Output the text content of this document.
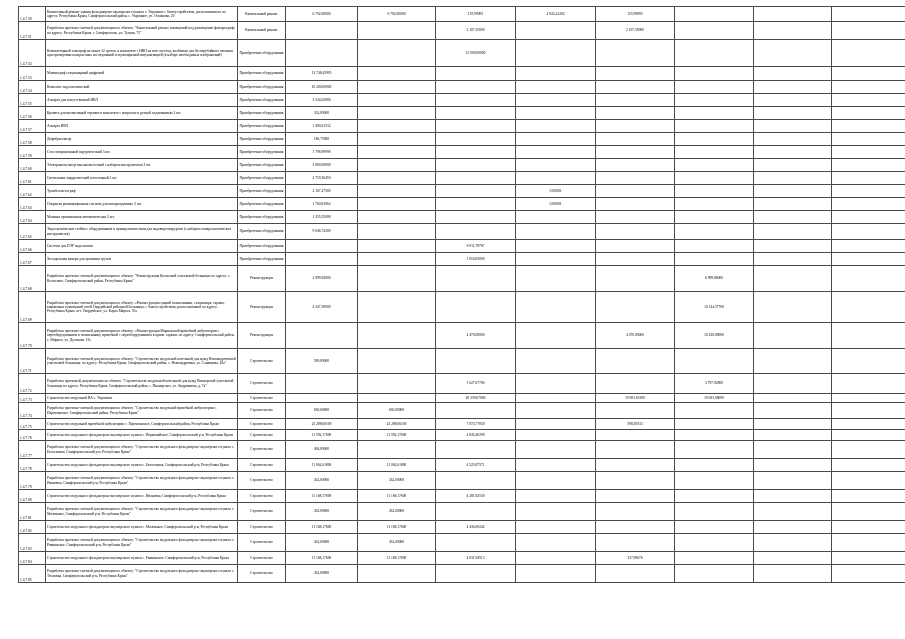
1.4.7.50	Капитальный ремонт здания фельдшерско-акушерского пункта с. Укромное с благоустройством, расположенного по адресу: Республика Крым, Симферопольский район, с. Укромное, ул. Османова, 20	Капитальный ремонт	6 792,00000	6 792,00000	155,99095	2 924,22202	155,99095			
1.4.7.51	Разработка проектно-сметной документации по объекту: "Капитальный ремонт помещений под размещение флюорографа по адресу: Республика Крым, г. Симферополь, ул. Тухова, 73"	Капитальный ремонт			2 107,35000		2 107,35000			
1.4.7.52	Компьютерный томограф не менее 32 срезов, в комплекте с НВП на всю систему, колбеным для бесперебойного питания при проведении контрастных исследований и мультифазной визуализацией (в наборе необходимых изображений)	Приобретение оборудования			31 000,00000					
1.4.7.53	Маммограф стационарный цифровой	Приобретение оборудования	13 748,45995							
1.4.7.54	Комплекс эндоскопический	Приобретение оборудования	10 200,00000							
1.4.7.55	Аппарат для искусственной ИВЛ	Приобретение оборудования	3 524,62800							
1.4.7.56	Кровать для интенсивной терапии в комплекте с матрасом и ручной подъемником 2 шт.	Приобретение оборудования	332,00000							
1.4.7.57	Аппарат ИВЛ	Приобретение оборудования	1 490,61532							
1.4.7.58	Дефибриллятор	Приобретение оборудования	186,75000							
1.4.7.59	Стол операционный хирургический 3 шт.	Приобретение оборудования	1 796,99999							
1.4.7.60	Электрокоагулятор высокочастотный с набором инструментов 3 шт.	Приобретение оборудования	3 000,00000							
1.4.7.61	Светильник хирургический потолочный 3 шт.	Приобретение оборудования	2 719,30450							
1.4.7.62	Тромбоэластограф	Приобретение оборудования	2 167,27500			0,00003				
1.4.7.63	Открытая реанимационная система для новорожденных 3 шт.	Приобретение оборудования	1 760,81064			0,00003				
1.4.7.64	Машина промывочная автоматическая 2 шт.	Приобретение оборудования	1 255,55000							
1.4.7.65	Эндоскопические стойки с оборудованием и принадлежностями для эндовидеохирургии (с набором лапароскопических инструментов)	Приобретение оборудования	9 046,74300							
1.4.7.66	Система для ПЭР эндоскопии	Приобретение оборудования			6 911,78767					
1.4.7.67	Холодильная камера для хранения трупов	Приобретение оборудования			1 016,05000					
1.4.7.68	Разработка проектно-сметной документации по объекту: "Реконструкция Колхозной участковой больницы по адресу: с. Колхозное, Симферопольский район, Республика Крым"	Реконструкция	2 999,94000					6 999,86000		
1.4.7.69	Разработка проектно-сметной документации по объекту: «Реконструкция зданий поликлиники, стационара, гаража, кирпичных помещений сетей Гвардейской районной больницы, с благоустройством, расположенной по адресу: Республика Крым, пгт. Гвардейское, ул. Карла Маркса, 53»	Реконструкция	4 347,39000					10 144,37700		
1.4.7.70	Разработка проектно-сметной документации по объекту: «Реконструкция Мирновской врачебной амбулатории с переоборудованием в поликлинику, врачебной с переоборудованием в архив, гаражи, по адресу: Симферопольский район, с. Мирное, ул. Дуганова, 16»	Реконструкция			4 470,00000		4 470,00000	10 430,00000		
1.4.7.71	Разработка проектно-сметной документации по объекту: "Строительство модульной котельной для нужд Новоандреевской участковой больницы, по адресу: Республика Крым, Симферопольский район, с. Новоандреевка, ул. Славянова, 20а"	Строительство	599,00000							
1.4.7.72	Разработка проектной документации по объекту: "Строительство модульной котельной для нужд Пионерской участковой больницы по адресу: Республика Крым, Симферопольский район, с. Пионерское, ул. Андрианова, д. 7а"	Строительство			1 627,67700			3 797,92800		
1.4.7.73	Строительство модульной ВА с. Укромное	Строительство			20 339,67000		19 691,65180	19 033,98090		
1.4.7.74	Разработка проектно-сметной документации по объекту: "Строительство модульной врачебной амбулатории с. Партизанское, Симферопольский район, Республика Крым"	Строительство	630,00000	630,00000						
1.4.7.75	Строительство модульной врачебной амбулатории с. Партизанское, Симферопольский район, Республика Крым	Строительство	23 288,66100	23 288,66100	7 074,77830		598,49533			
1.4.7.76	Строительство модульного фельдшерско-акушерского пункта с. Первомайское, Симферопольский р-н, Республика Крым	Строительство	11 592,17600	11 592,17600	2 845,40299					
1.4.7.77	Разработка проектно-сметной документации по объекту: "Строительство модульного фельдшерско-акушерского пункта с. Белоглинка, Симферопольский р-н, Республика Крым"	Строительство	494,00000							
1.4.7.78	Строительство модульного фельдшерско-акушерского пункта с. Белоглинка, Симферопольский р-н, Республика Крым	Строительство	11 062,61800	11 062,61800	4 525,87571					
1.4.7.79	Разработка проектно-сметной документации по объекту: "Строительство модульного фельдшерско-акушерского пункта с. Ивановка, Симферопольский р-н, Республика Крым"	Строительство	432,00000	432,00000						
1.4.7.80	Строительство модульного фельдшерско-акушерского пункта с. Ивановка, Симферопольский р-н, Республика Крым	Строительство	11 168,17600	11 168,17600	4 281,92530					
1.4.7.81	Разработка проектно-сметной документации по объекту: "Строительство модульного фельдшерско-акушерского пункта с. Маленькое, Симферопольский р-н, Республика Крым"	Строительство	432,00000	432,00000						
1.4.7.82	Строительство модульного фельдшерско-акушерского пункта с. Маленькое, Симферопольский р-н, Республика Крым	Строительство	11 168,17600	11 168,17600	4 436,69242					
1.4.7.83	Разработка проектно-сметной документации по объекту: "Строительство модульного фельдшерско-акушерского пункта с. Равнинское, Симферопольский р-н, Республика Крым"	Строительство	432,00000	432,00000						
1.4.7.84	Строительство модульного фельдшерско-акушерского пункта с. Равнинское, Симферопольский р-н, Республика Крым	Строительство	11 168,17600	11 168,17600	4 031,94513		337,99676			
1.4.7.85	Разработка проектно-сметной документации по объекту: "Строительство модульного фельдшерско-акушерского пункта с. Тепловка, Симферопольский р-н, Республика Крым"	Строительство	432,00000							
